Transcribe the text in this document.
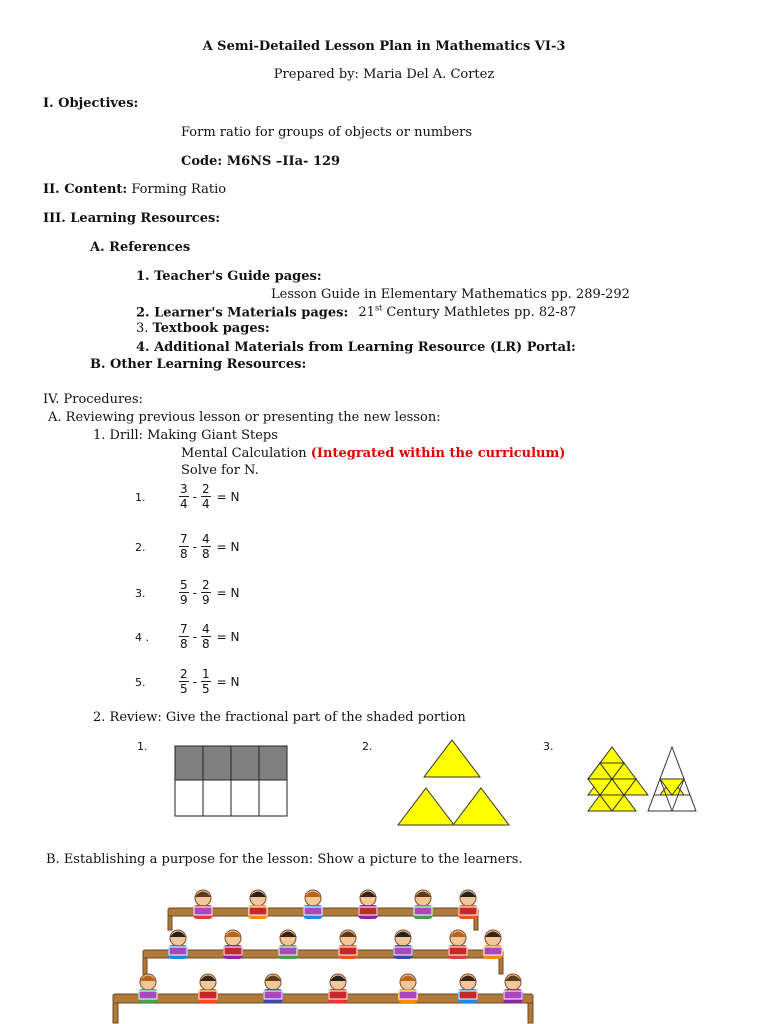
A Semi-Detailed Lesson Plan in Mathematics VI-3
Prepared by: Maria Del A. Cortez
I. Objectives:
Form ratio for groups of objects or numbers
Code: M6NS –IIa- 129
II. Content: Forming Ratio
III. Learning Resources:
A. References
1. Teacher's Guide pages:
Lesson Guide in Elementary Mathematics pp. 289-292
2. Learner's Materials pages: 21st Century Mathletes pp. 82-87
3. Textbook pages:
4. Additional Materials from Learning Resource (LR) Portal:
B. Other Learning Resources:
IV. Procedures:
A. Reviewing previous lesson or presenting the new lesson:
1. Drill: Making Giant Steps
Mental Calculation (Integrated within the curriculum)
Solve for N.
1.
3
4
- $\frac{2}{4} = N$
2.
7
8
- $\frac{4}{8} = N$
3.
5
9
- $\frac{2}{9} = N$
4 .
7
8
- $\frac{4}{8} = N$
5.
2
5
- $\frac{1}{5} = N$
2. Review: Give the fractional part of the shaded portion
1.	2.	3.
B. Establishing a purpose for the lesson: Show a picture to the learners.
